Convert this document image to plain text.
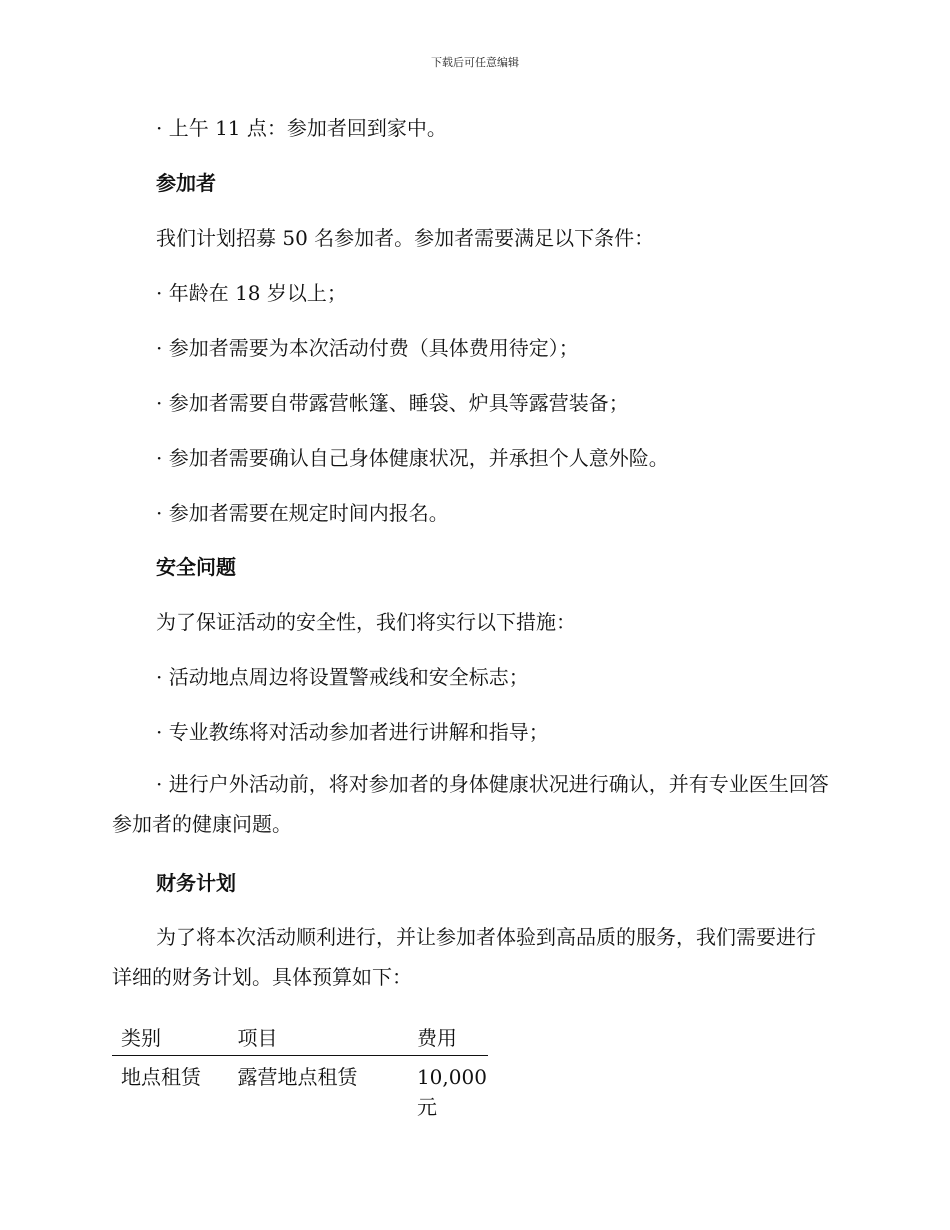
下载后可任意编辑
· 上午 11 点：参加者回到家中。
参加者
我们计划招募 50 名参加者。参加者需要满足以下条件：
· 年龄在 18 岁以上；
· 参加者需要为本次活动付费（具体费用待定）；
· 参加者需要自带露营帐篷、睡袋、炉具等露营装备；
· 参加者需要确认自己身体健康状况，并承担个人意外险。
· 参加者需要在规定时间内报名。
安全问题
为了保证活动的安全性，我们将实行以下措施：
· 活动地点周边将设置警戒线和安全标志；
· 专业教练将对活动参加者进行讲解和指导；
· 进行户外活动前，将对参加者的身体健康状况进行确认，并有专业医生回答参加者的健康问题。
财务计划
为了将本次活动顺利进行，并让参加者体验到高品质的服务，我们需要进行详细的财务计划。具体预算如下：
类别	项目	费用
地点租赁	露营地点租赁	10,000 元
